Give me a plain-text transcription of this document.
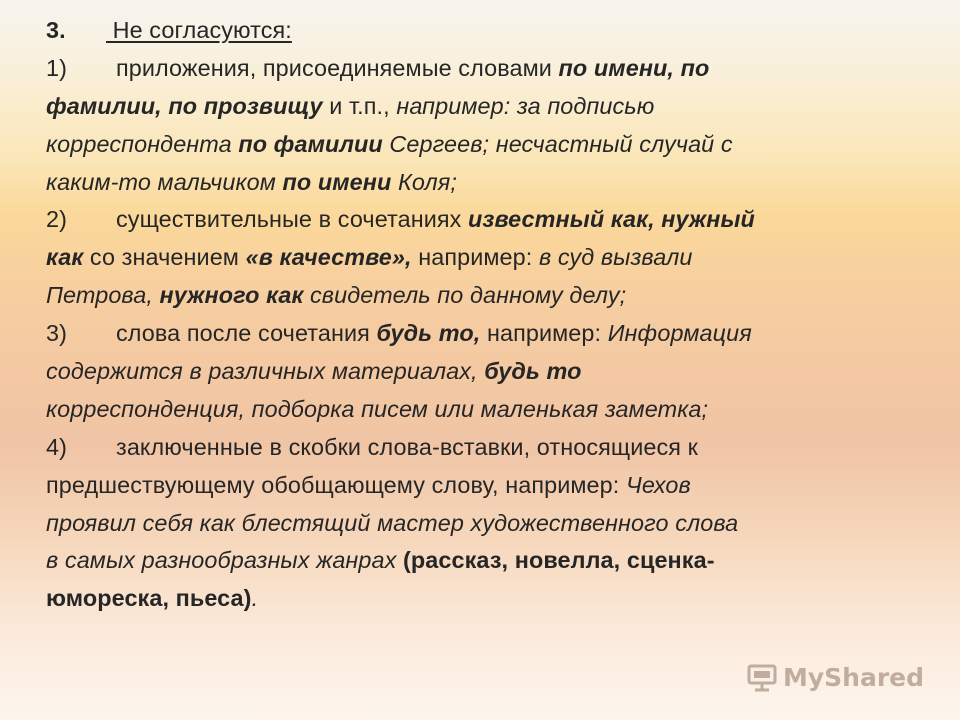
3. Не согласуются:
1) приложения, присоединяемые словами по имени, по
фамилии, по прозвищу и т.п., например: за подписью
корреспондента по фамилии Сергеев; несчастный случай с
каким-то мальчиком по имени Коля;
2) существительные в сочетаниях известный как, нужный
как со значением «в качестве», например: в суд вызвали
Петрова, нужного как свидетель по данному делу;
3) слова после сочетания будь то, например: Информация
содержится в различных материалах, будь то
корреспонденция, подборка писем или маленькая заметка;
4) заключенные в скобки слова-вставки, относящиеся к
предшествующему обобщающему слову, например: Чехов
проявил себя как блестящий мастер художественного слова
в самых разнообразных жанрах (рассказ, новелла, сценка-
юмореска, пьеса).
MyShared
